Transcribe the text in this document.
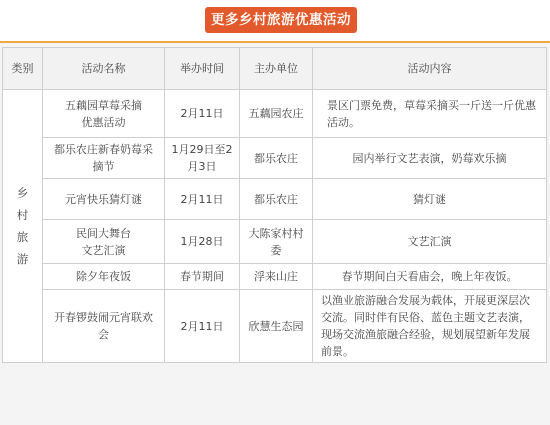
更多乡村旅游优惠活动
类别	活动名称	举办时间	主办单位	活动内容
乡村旅游	五藕园草莓采摘优惠活动	2月11日	五藕园农庄	景区门票免费，草莓采摘买一斤送一斤优惠活动。
	都乐农庄新春奶莓采摘节	1月29日至2月3日	都乐农庄	园内举行文艺表演，奶莓欢乐摘
	元宵快乐猜灯谜	2月11日	都乐农庄	猜灯谜
	民间大舞台文艺汇演	1月28日	大陈家村村委	文艺汇演
	除夕年夜饭	春节期间	浮来山庄	春节期间白天看庙会，晚上年夜饭。
	开春锣鼓闹元宵联欢会	2月11日	欣慧生态园	以渔业旅游融合发展为载体，开展更深层次交流。同时伴有民俗、蓝色主题文艺表演，现场交流渔旅融合经验，规划展望新年发展前景。
